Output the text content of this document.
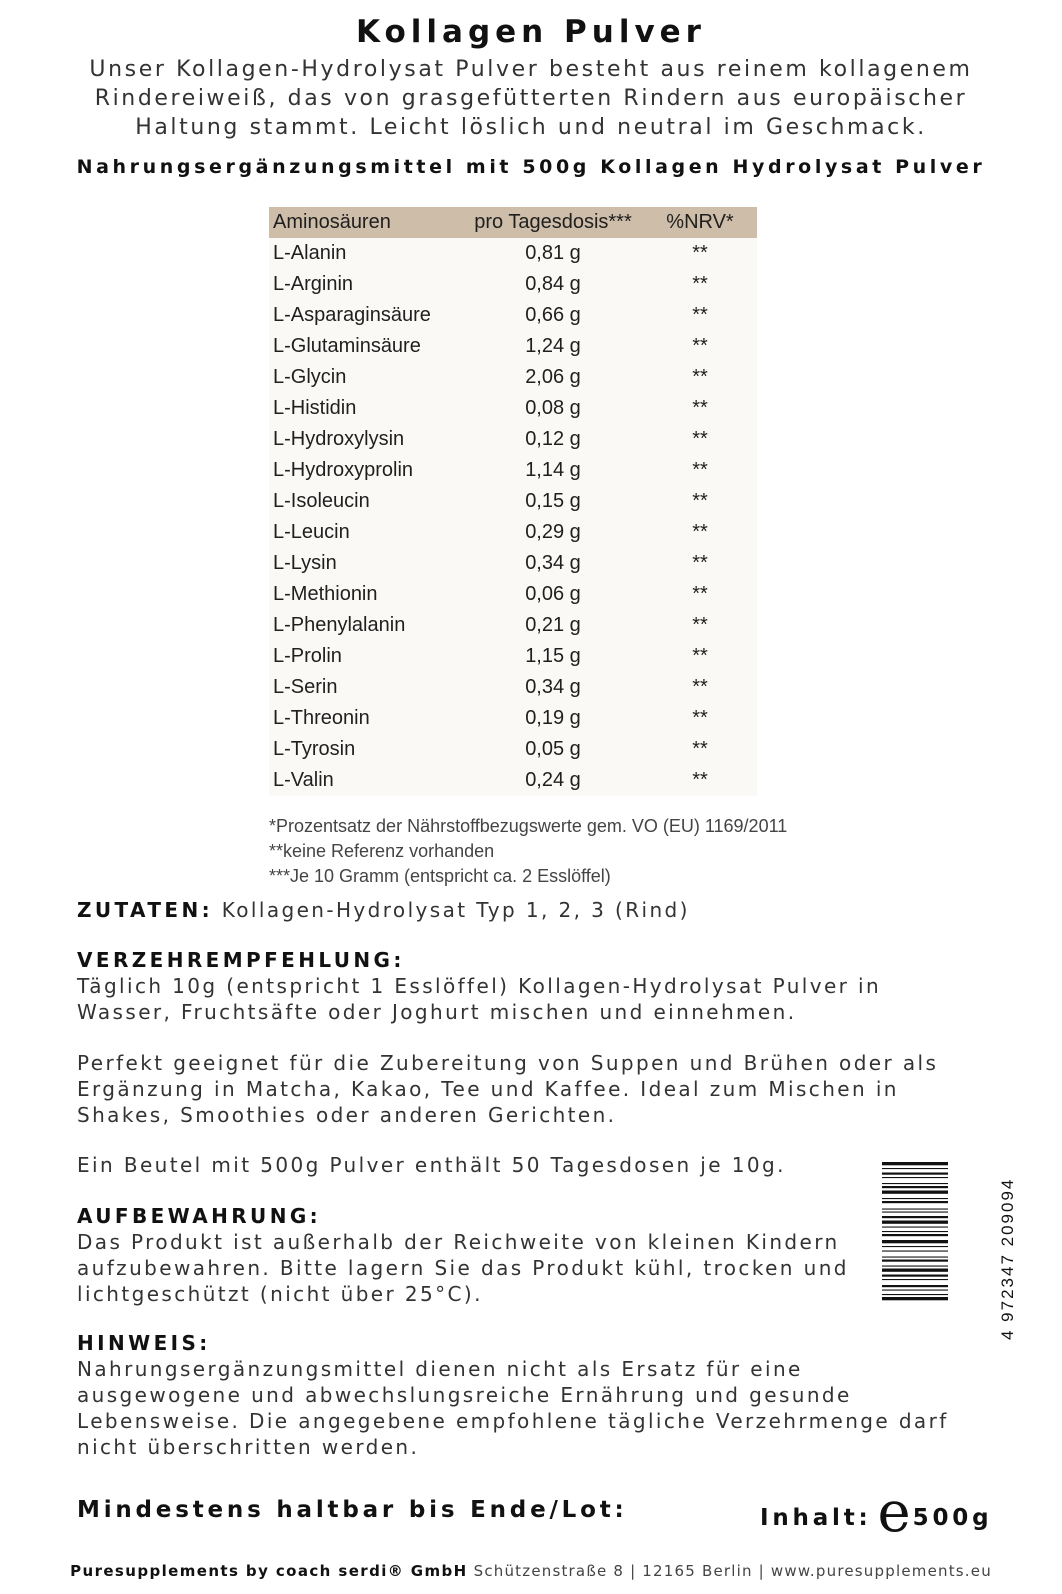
Kollagen Pulver
Unser Kollagen-Hydrolysat Pulver besteht aus reinem kollagenem
Rindereiweiß, das von grasgefütterten Rindern aus europäischer
Haltung stammt. Leicht löslich und neutral im Geschmack.
Nahrungsergänzungsmittel mit 500g Kollagen Hydrolysat Pulver
Aminosäuren	pro Tagesdosis***	%NRV*
L-Alanin	0,81 g	**
L-Arginin	0,84 g	**
L-Asparaginsäure	0,66 g	**
L-Glutaminsäure	1,24 g	**
L-Glycin	2,06 g	**
L-Histidin	0,08 g	**
L-Hydroxylysin	0,12 g	**
L-Hydroxyprolin	1,14 g	**
L-Isoleucin	0,15 g	**
L-Leucin	0,29 g	**
L-Lysin	0,34 g	**
L-Methionin	0,06 g	**
L-Phenylalanin	0,21 g	**
L-Prolin	1,15 g	**
L-Serin	0,34 g	**
L-Threonin	0,19 g	**
L-Tyrosin	0,05 g	**
L-Valin	0,24 g	**
*Prozentsatz der Nährstoffbezugswerte gem. VO (EU) 1169/2011
**keine Referenz vorhanden
***Je 10 Gramm (entspricht ca. 2 Esslöffel)
ZUTATEN: Kollagen-Hydrolysat Typ 1, 2, 3 (Rind)
VERZEHREMPFEHLUNG:
Täglich 10g (entspricht 1 Esslöffel) Kollagen-Hydrolysat Pulver in
Wasser, Fruchtsäfte oder Joghurt mischen und einnehmen.
Perfekt geeignet für die Zubereitung von Suppen und Brühen oder als
Ergänzung in Matcha, Kakao, Tee und Kaffee. Ideal zum Mischen in
Shakes, Smoothies oder anderen Gerichten.
Ein Beutel mit 500g Pulver enthält 50 Tagesdosen je 10g.
AUFBEWAHRUNG:
Das Produkt ist außerhalb der Reichweite von kleinen Kindern
aufzubewahren. Bitte lagern Sie das Produkt kühl, trocken und
lichtgeschützt (nicht über 25°C).
HINWEIS:
Nahrungsergänzungsmittel dienen nicht als Ersatz für eine
ausgewogene und abwechslungsreiche Ernährung und gesunde
Lebensweise. Die angegebene empfohlene tägliche Verzehrmenge darf
nicht überschritten werden.
4 972347 209094
Mindestens haltbar bis Ende/Lot:	Inhalt: e500g
Puresupplements by coach serdi® GmbH Schützenstraße 8 | 12165 Berlin | www.puresupplements.eu
